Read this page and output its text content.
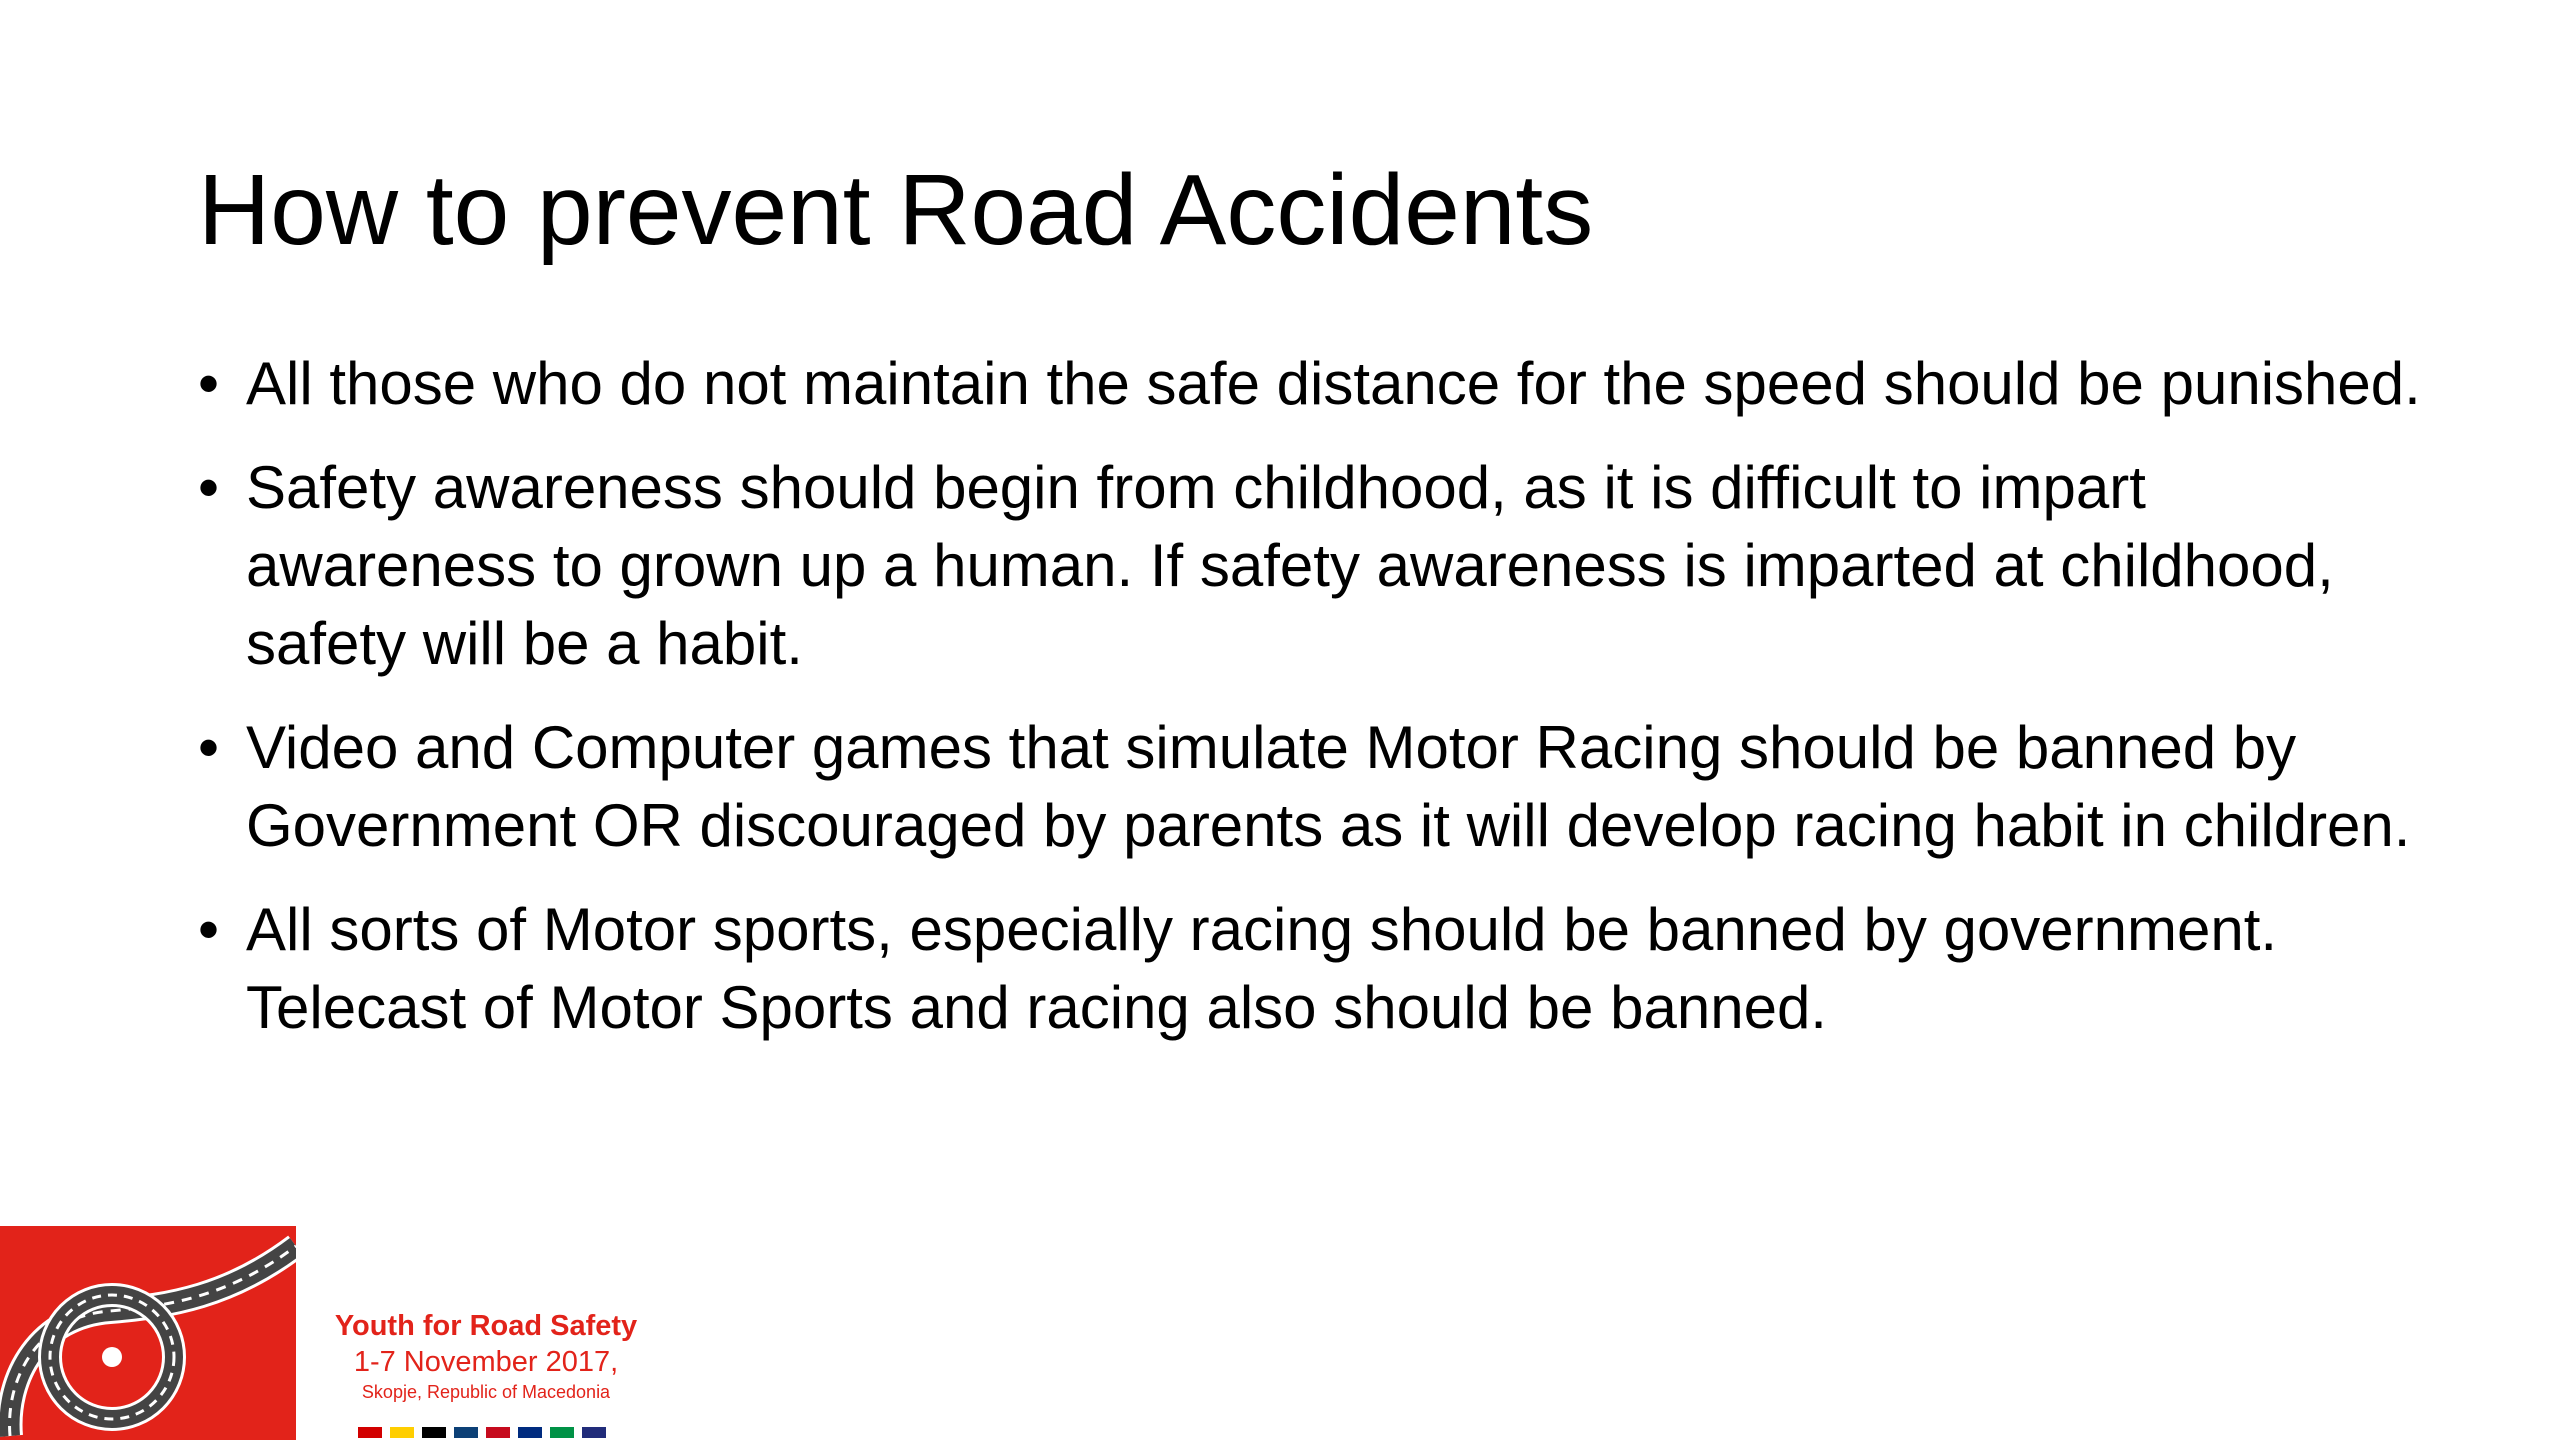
How to prevent Road Accidents
• All those who do not maintain the safe distance for the speed should be punished.
• Safety awareness should begin from childhood, as it is difficult to impart awareness to grown up a human. If safety awareness is imparted at childhood, safety will be a habit.
• Video and Computer games that simulate Motor Racing should be banned by Government OR discouraged by parents as it will develop racing habit in children.
• All sorts of Motor sports, especially racing should be banned by government. Telecast of Motor Sports and racing also should be banned.
Youth for Road Safety
1-7 November 2017,
Skopje, Republic of Macedonia
